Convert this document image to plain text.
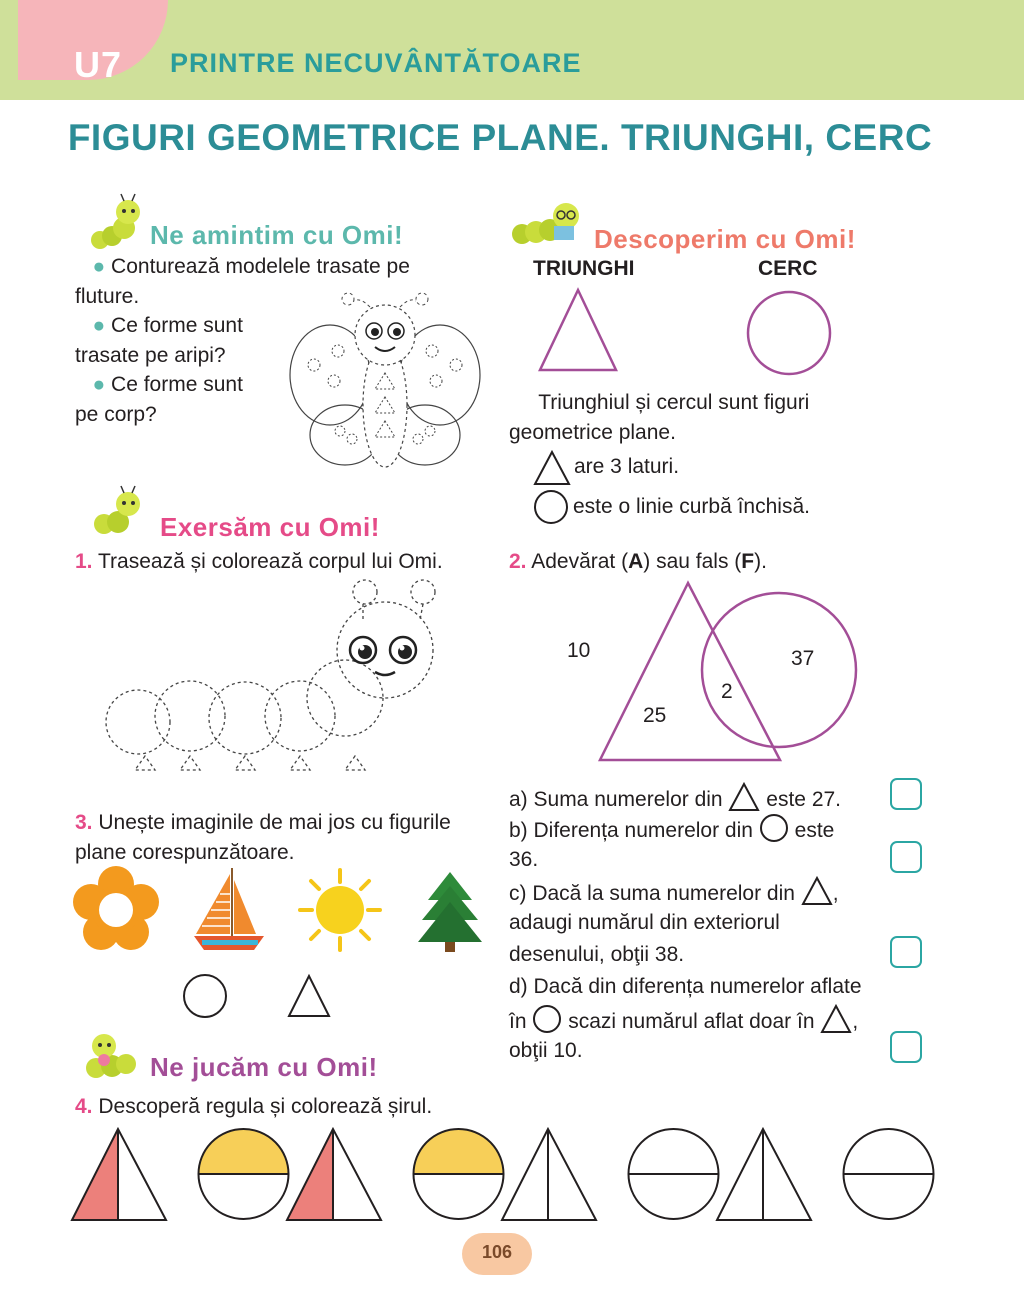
U7 PRINTRE NECUVÂNTĂTOARE
FIGURI GEOMETRICE PLANE. TRIUNGHI, CERC
Ne amintim cu Omi!
● Conturează modelele trasate pe
fluture.
● Ce forme sunt
trasate pe aripi?
● Ce forme sunt
pe corp?
Descoperim cu Omi!
TRIUNGHI	CERC
Triunghiul și cercul sunt figuri
geometrice plane.
are 3 laturi.
este o linie curbă închisă.
Exersăm cu Omi!
1. Trasează și colorează corpul lui Omi.	2. Adevărat (A) sau fals (F).
10
25
2
37
a) Suma numerelor din este 27.
b) Diferența numerelor din este
36.
c) Dacă la suma numerelor din ,
adaugi numărul din exteriorul
desenului, obţii 38.
d) Dacă din diferența numerelor aflate
în scazi numărul aflat doar în ,
obţii 10.
3. Unește imaginile de mai jos cu figurile
plane corespunzătoare.
Ne jucăm cu Omi!
4. Descoperă regula și colorează șirul.
106
